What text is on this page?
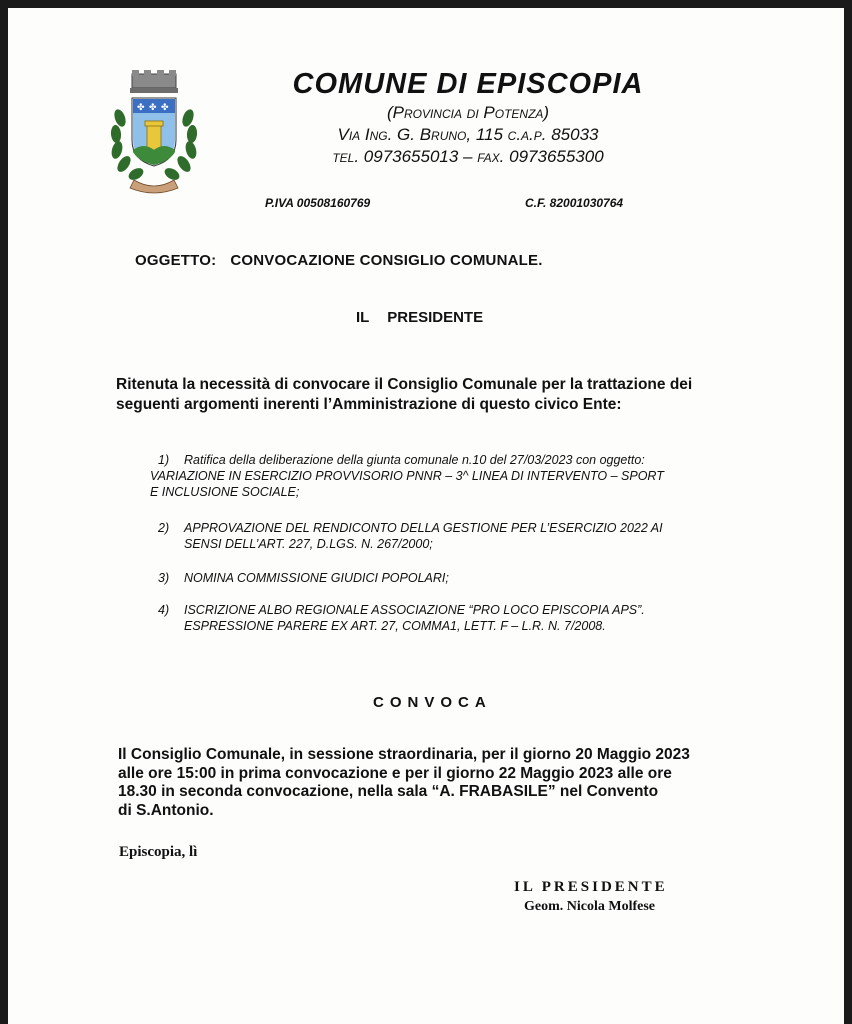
✤ ✤ ✤

COMUNE DI EPISCOPIA

(Provincia di Potenza)

Via Ing. G. Bruno, 115 c.a.p. 85033

tel. 0973655013 – fax. 0973655300

P.IVA 00508160769	C.F. 82001030764
OGGETTO: CONVOCAZIONE CONSIGLIO COMUNALE.
IL PRESIDENTE
Ritenuta la necessità di convocare il Consiglio Comunale per la trattazione dei seguenti argomenti inerenti l’Amministrazione di questo civico Ente:
1)	Ratifica della deliberazione della giunta comunale n.10 del 27/03/2023 con oggetto:
VARIAZIONE IN ESERCIZIO PROVVISORIO PNNR – 3^ LINEA DI INTERVENTO – SPORT
E INCLUSIONE SOCIALE;
2)	APPROVAZIONE DEL RENDICONTO DELLA GESTIONE PER L’ESERCIZIO 2022 AI
SENSI DELL’ART. 227, D.LGS. N. 267/2000;
3)	NOMINA COMMISSIONE GIUDICI POPOLARI;
4)	ISCRIZIONE ALBO REGIONALE ASSOCIAZIONE “PRO LOCO EPISCOPIA APS”.
ESPRESSIONE PARERE EX ART. 27, COMMA1, LETT. F – L.R. N. 7/2008.
CONVOCA
Il Consiglio Comunale, in sessione straordinaria, per il giorno 20 Maggio 2023
alle ore 15:00 in prima convocazione e per il giorno 22 Maggio 2023 alle ore
18.30 in seconda convocazione, nella sala “A. FRABASILE” nel Convento
di S.Antonio.
Episcopia, lì
IL PRESIDENTE
Geom. Nicola Molfese
